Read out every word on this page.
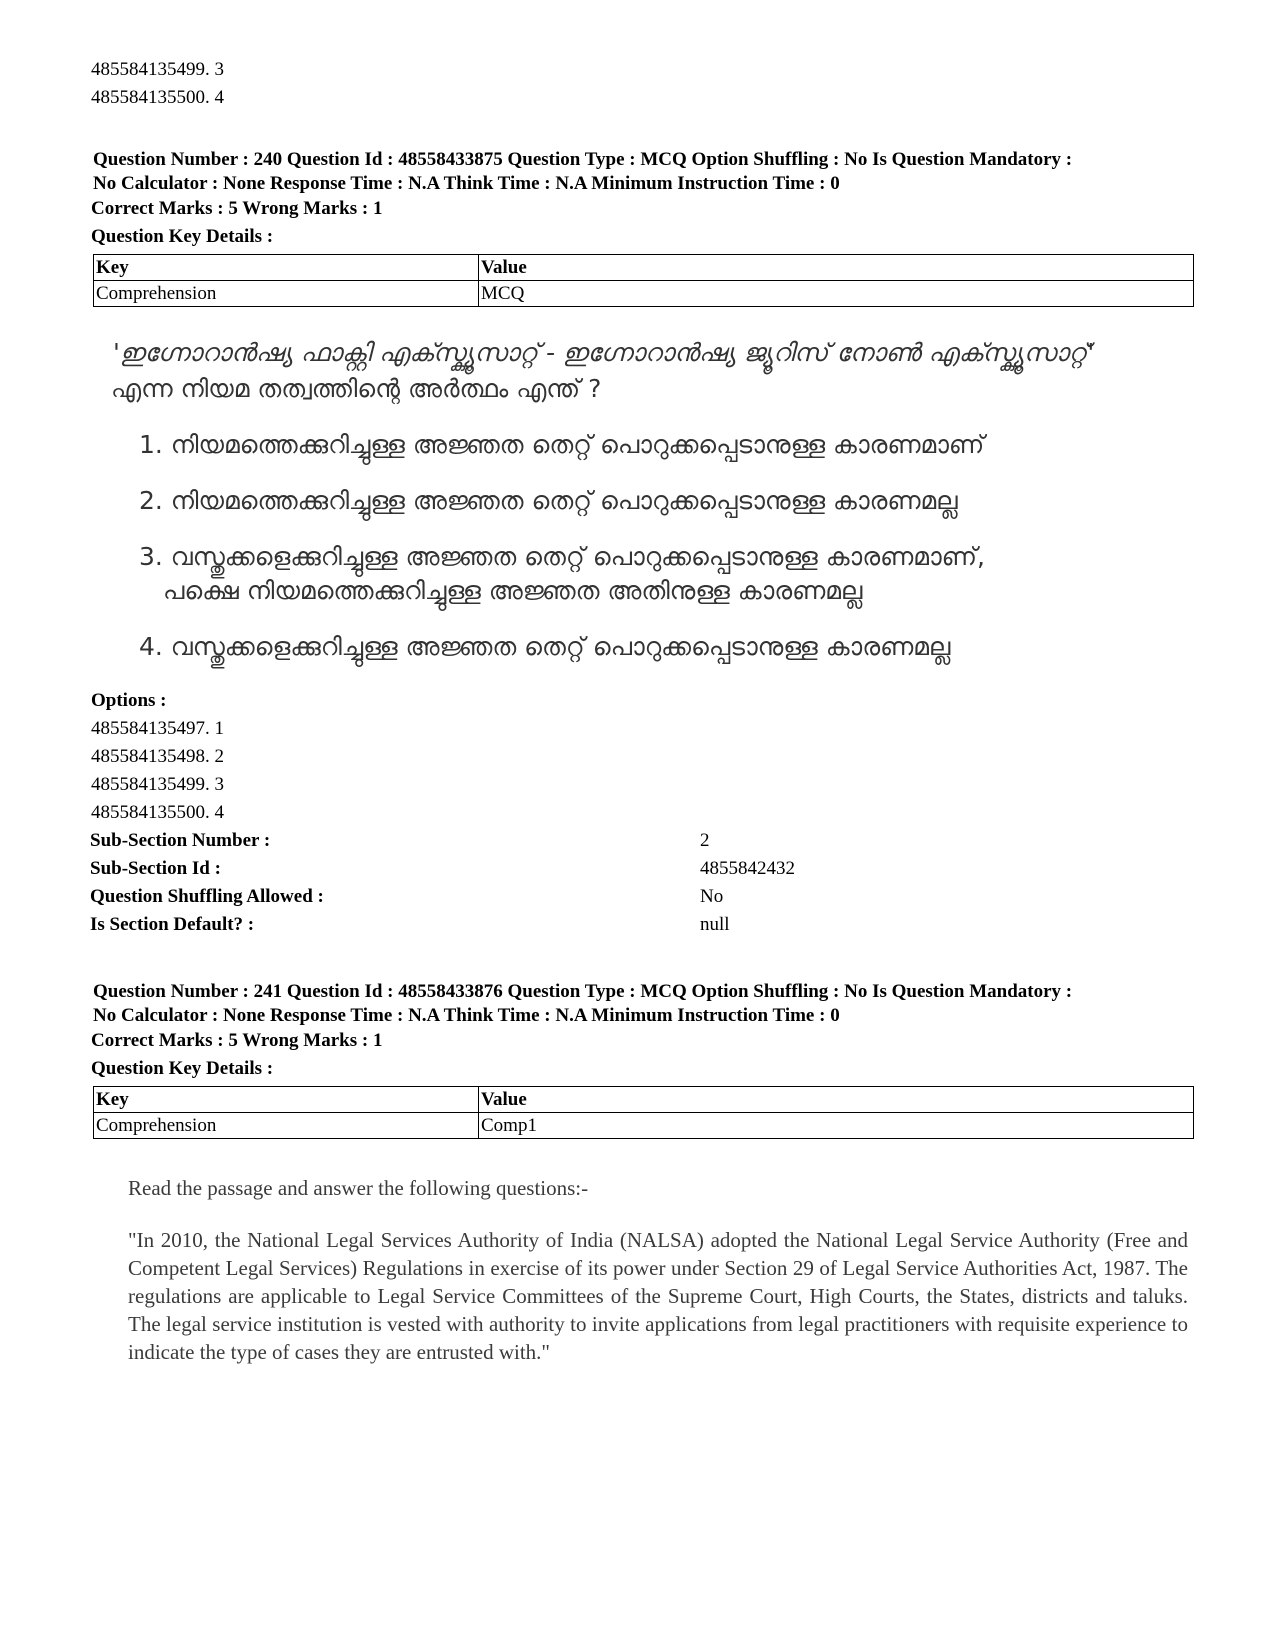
485584135499. 3
485584135500. 4
Question Number : 240 Question Id : 48558433875 Question Type : MCQ Option Shuffling : No Is Question Mandatory :
No Calculator : None Response Time : N.A Think Time : N.A Minimum Instruction Time : 0
Correct Marks : 5 Wrong Marks : 1
Question Key Details :
Key	Value
Comprehension	MCQ
'ഇഗ്നോറാൻഷ്യ ഫാക്റ്റി എക്സ്ക്യൂസാറ്റ് - ഇഗ്നോറാൻഷ്യ ജ്യൂറിസ് നോൺ എക്സ്ക്യൂസാറ്റ്'
എന്ന നിയമ തത്വത്തിന്റെ അർത്ഥം എന്ത് ?
1. നിയമത്തെക്കുറിച്ചുള്ള അജ്ഞത തെറ്റ് പൊറുക്കപ്പെടാനുള്ള കാരണമാണ്
2. നിയമത്തെക്കുറിച്ചുള്ള അജ്ഞത തെറ്റ് പൊറുക്കപ്പെടാനുള്ള കാരണമല്ല
3. വസ്തുക്കളെക്കുറിച്ചുള്ള അജ്ഞത തെറ്റ് പൊറുക്കപ്പെടാനുള്ള കാരണമാണ്,
പക്ഷെ നിയമത്തെക്കുറിച്ചുള്ള അജ്ഞത അതിനുള്ള കാരണമല്ല
4. വസ്തുക്കളെക്കുറിച്ചുള്ള അജ്ഞത തെറ്റ് പൊറുക്കപ്പെടാനുള്ള കാരണമല്ല
Options :
485584135497. 1
485584135498. 2
485584135499. 3
485584135500. 4
Sub-Section Number :	2
Sub-Section Id :	4855842432
Question Shuffling Allowed :	No
Is Section Default? :	null
Question Number : 241 Question Id : 48558433876 Question Type : MCQ Option Shuffling : No Is Question Mandatory :
No Calculator : None Response Time : N.A Think Time : N.A Minimum Instruction Time : 0
Correct Marks : 5 Wrong Marks : 1
Question Key Details :
Key	Value
Comprehension	Comp1
Read the passage and answer the following questions:-
"In 2010, the National Legal Services Authority of India (NALSA) adopted the National Legal Service Authority (Free and Competent Legal Services) Regulations in exercise of its power under Section 29 of Legal Service Authorities Act, 1987. The regulations are applicable to Legal Service Committees of the Supreme Court, High Courts, the States, districts and taluks. The legal service institution is vested with authority to invite applications from legal practitioners with requisite experience to indicate the type of cases they are entrusted with."
